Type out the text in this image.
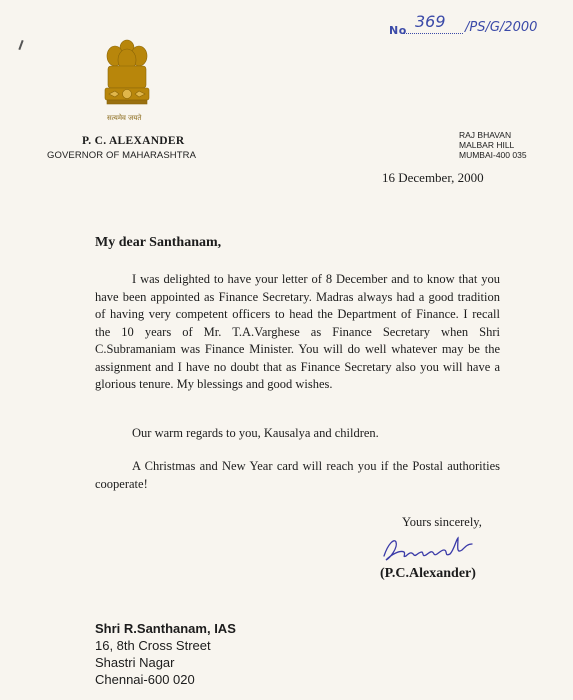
No 369 /PS/G/2000
सत्यमेव जयते
P. C. ALEXANDER
GOVERNOR OF MAHARASHTRA
RAJ BHAVAN
MALBAR HILL
MUMBAI-400 035
16 December, 2000
My dear Santhanam,
I was delighted to have your letter of 8 December and to know that you have been appointed as Finance Secretary. Madras always had a good tradition of having very competent officers to head the Department of Finance. I recall the 10 years of Mr. T.A.Varghese as Finance Secretary when Shri C.Subramaniam was Finance Minister. You will do well whatever may be the assignment and I have no doubt that as Finance Secretary also you will have a glorious tenure. My blessings and good wishes.
Our warm regards to you, Kausalya and children.
A Christmas and New Year card will reach you if the Postal authorities cooperate!
Yours sincerely,
(P.C.Alexander)
Shri R.Santhanam, IAS
16, 8th Cross Street
Shastri Nagar
Chennai-600 020
